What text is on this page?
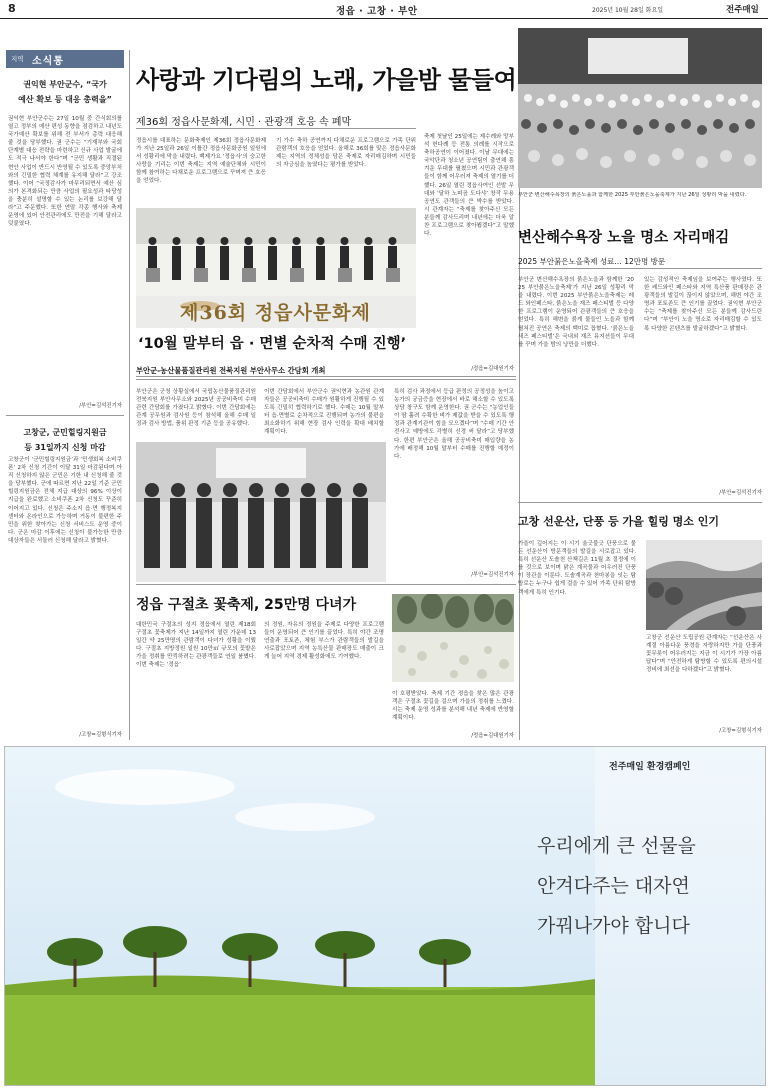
8	정읍 · 고창 · 부안	2025년 10월 28일 화요일	전주매일
지역 소식통
권익현 부안군수, “국가
예산 확보 등 대응 총력을”

권익현 부안군수는 27일 10월 중 간식회의를 열고 정부의 예산 편성 동향을 점검하고 내년도 국가예산 확보를 위해 전 부서가 총력 대응해 줄 것을 당부했다. 권 군수는 “기재부와 국회 단계별 대응 전략을 마련하고 신규 사업 발굴에도 적극 나서야 한다”며 “군민 생활과 직결된 현안 사업이 반드시 반영될 수 있도록 중앙부처와의 긴밀한 협력 체계를 유지해 달라”고 강조했다. 이어 “국정감사가 마무리되면서 예산 심의가 본격화되는 만큼 사업의 필요성과 타당성을 충분히 설명할 수 있는 논리를 보강해 달라”고 주문했다. 또한 연말 각종 행사와 축제 운영에 있어 안전관리에도 만전을 기해 달라고 덧붙였다.

/부안=김석진기자
고창군, 군민힐링지원금
등 31일까지 신청 마감

고창군이 ‘군민힐링지원금’과 ‘민생회복 소비쿠폰’ 2차 신청 기간이 이달 31일 마감된다며 아직 신청하지 않은 군민은 기한 내 신청해 줄 것을 당부했다. 군에 따르면 지난 22일 기준 군민힐링지원금은 전체 지급 대상의 96% 이상이 지급을 완료했고 소비쿠폰 2차 신청도 꾸준히 이어지고 있다. 신청은 주소지 읍·면 행정복지센터와 온라인으로 가능하며 거동이 불편한 주민을 위한 찾아가는 신청 서비스도 운영 중이다. 군은 마감 이후에는 신청이 불가능한 만큼 대상자들은 서둘러 신청해 달라고 밝혔다.

/고창=김형식기자
사랑과 기다림의 노래, 가을밤 물들여
제36회 정읍사문화제, 시민 · 관광객 호응 속 폐막

정읍시를 대표하는 문화축제인 제36회 정읍사문화제가 지난 25일과 26일 이틀간 정읍사문화공원 일원에서 성황리에 막을 내렸다. 백제가요 ‘정읍사’의 숭고한 사랑을 기리는 이번 축제는 지역 예술단체와 시민이 함께 참여하는 다채로운 프로그램으로 꾸며져 큰 호응을 얻었다.

기 가수 축하 공연까지 다채로운 프로그램으로 가족 단위 관람객의 호응을 얻었다. 올해로 36회를 맞은 정읍사문화제는 지역의 정체성을 담은 축제로 자리매김하며 시민들의 자긍심을 높였다는 평가를 받았다.

축제 첫날인 25일에는 제수례와 망부석 헌다례 등 전통 의례를 시작으로 축하공연이 이어졌다. 이날 무대에는 국악단과 청소년 공연팀이 출연해 흥겨운 무대를 펼쳤으며 시민과 관광객들이 함께 어우러져 축제의 열기를 더했다. 26일 열린 정읍사여인 선발 무대와 ‘달하 노피곰 도다샤’ 창작 무용 공연도 관객들의 큰 박수를 받았다. 시 관계자는 “축제를 찾아주신 모든 분들께 감사드리며 내년에는 더욱 알찬 프로그램으로 찾아뵙겠다”고 말했다.

/정읍=김대원기자
제36회 정읍사문화제
‘10월 말부터 읍 · 면별 순차적 수매 진행’
부안군-농산물품질관리원 전북지원 부안사무소 간담회 개최

부안군은 군청 상황실에서 국립농산물품질관리원 전북지원 부안사무소와 2025년 공공비축미 수매 관련 간담회를 가졌다고 밝혔다. 이번 간담회에는 관계 공무원과 검사원 등이 참석해 올해 수매 일정과 검사 방법, 품위 판정 기준 등을 공유했다.

이번 간담회에서 부안군수 권익현과 농관원 관계자들은 공공비축미 수매가 원활하게 진행될 수 있도록 긴밀히 협력하기로 했다. 수매는 10월 말부터 읍·면별로 순차적으로 진행되며 농가의 불편을 최소화하기 위해 현장 검사 인력을 확대 배치할 계획이다.

특히 검사 과정에서 등급 판정의 공정성을 높이고 농가의 궁금증을 현장에서 바로 해소할 수 있도록 상담 창구도 함께 운영한다. 권 군수는 “농업인들이 땀 흘려 수확한 벼가 제값을 받을 수 있도록 행정과 관계기관이 힘을 모으겠다”며 “수매 기간 안전사고 예방에도 각별히 신경 써 달라”고 당부했다. 한편 부안군은 올해 공공비축미 매입량을 농가에 배정해 10월 말부터 수매를 진행할 예정이다.

/부안=김석진기자
정읍 구절초 꽃축제, 25만명 다녀가

대한민국 구절초의 성지 정읍에서 열린 제18회 구절초 꽃축제가 지난 14일까지 열린 가운데 13일간 약 25만명의 관람객이 다녀가 성황을 이뤘다. 구절초 지방정원 일원 10만㎡ 규모의 꽃밭은 가을 정취를 만끽하려는 관광객들로 연일 붐볐다. 이번 축제는 ‘정읍’

의 정원, 자유의 정원을 주제로 다양한 프로그램들이 운영되어 큰 인기를 끌었다. 특히 야간 조명 연출과 포토존, 체험 부스가 관람객들의 발길을 사로잡았으며 지역 농특산물 판매장도 매출이 크게 늘어 지역 경제 활성화에도 기여했다.

이 호평받았다. 축제 기간 정읍을 찾은 많은 관광객은 구절초 꽃길을 걸으며 가을의 정취를 느꼈다. 시는 축제 운영 성과를 분석해 내년 축제에 반영할 계획이다.

/정읍=김대원기자
부안군 변산해수욕장의 붉은노을과 함께한 2025 부안붉은노을축제가 지난 26일 성황리 막을 내렸다.
변산해수욕장 노을 명소 자리매김
2025 부안붉은노을축제 성료… 12만명 방문

부안군 변산해수욕장의 붉은노을과 함께한 ‘2025 부안붉은노을축제’가 지난 26일 성황리 막을 내렸다. 이번 2025 부안붉은노을축제는 레드 와인페스타, 붉은노을 재즈 페스티벌 등 다양한 프로그램이 운영되어 관광객들의 큰 호응을 얻었다. 특히 해변을 붉게 물들인 노을과 함께 펼쳐진 공연은 축제의 백미로 꼽혔다. ‘붉은노을 새즈 페스티벌’은 국내외 재즈 뮤지션들이 무대를 꾸며 가을 밤의 낭만을 더했다.

있는 감성적인 축제임을 보여주는 행사였다. 또한 레드와인 페스타와 지역 특산품 판매장은 관광객들의 발길이 끊이지 않았으며, 해변 야간 조명과 포토존도 큰 인기를 끌었다. 권익현 부안군수는 “축제를 찾아주신 모든 분들께 감사드린다”며 “부안이 노을 명소로 자리매김할 수 있도록 다양한 콘텐츠를 발굴하겠다”고 밝혔다.

/부안=김석진기자
고창 선운산, 단풍 등 가을 힐링 명소 인기

가을이 깊어지는 이 시기 울긋불긋 단풍으로 물든 선운산이 방문객들의 발길을 사로잡고 있다. 특히 선운산 도솔천 산책길은 11월 초 절정에 이를 것으로 보이며 맑은 계곡물과 어우러진 단풍이 장관을 이룬다. 도솔계곡과 천마봉을 잇는 탐방로는 누구나 쉽게 걸을 수 있어 가족 단위 탐방객에게 특히 인기다.

고창군 선운산 도립공원 관계자는 “선운산은 사계절 아름다운 풍경을 자랑하지만 가을 단풍과 꽃무릇이 어우러지는 지금 이 시기가 가장 아름답다”며 “안전하게 탐방할 수 있도록 편의시설 정비에 최선을 다하겠다”고 밝혔다.

/고창=김형식기자
전주매일 환경캠페인
우리에게 큰 선물을
안겨다주는 대자연
가꿔나가야 합니다
